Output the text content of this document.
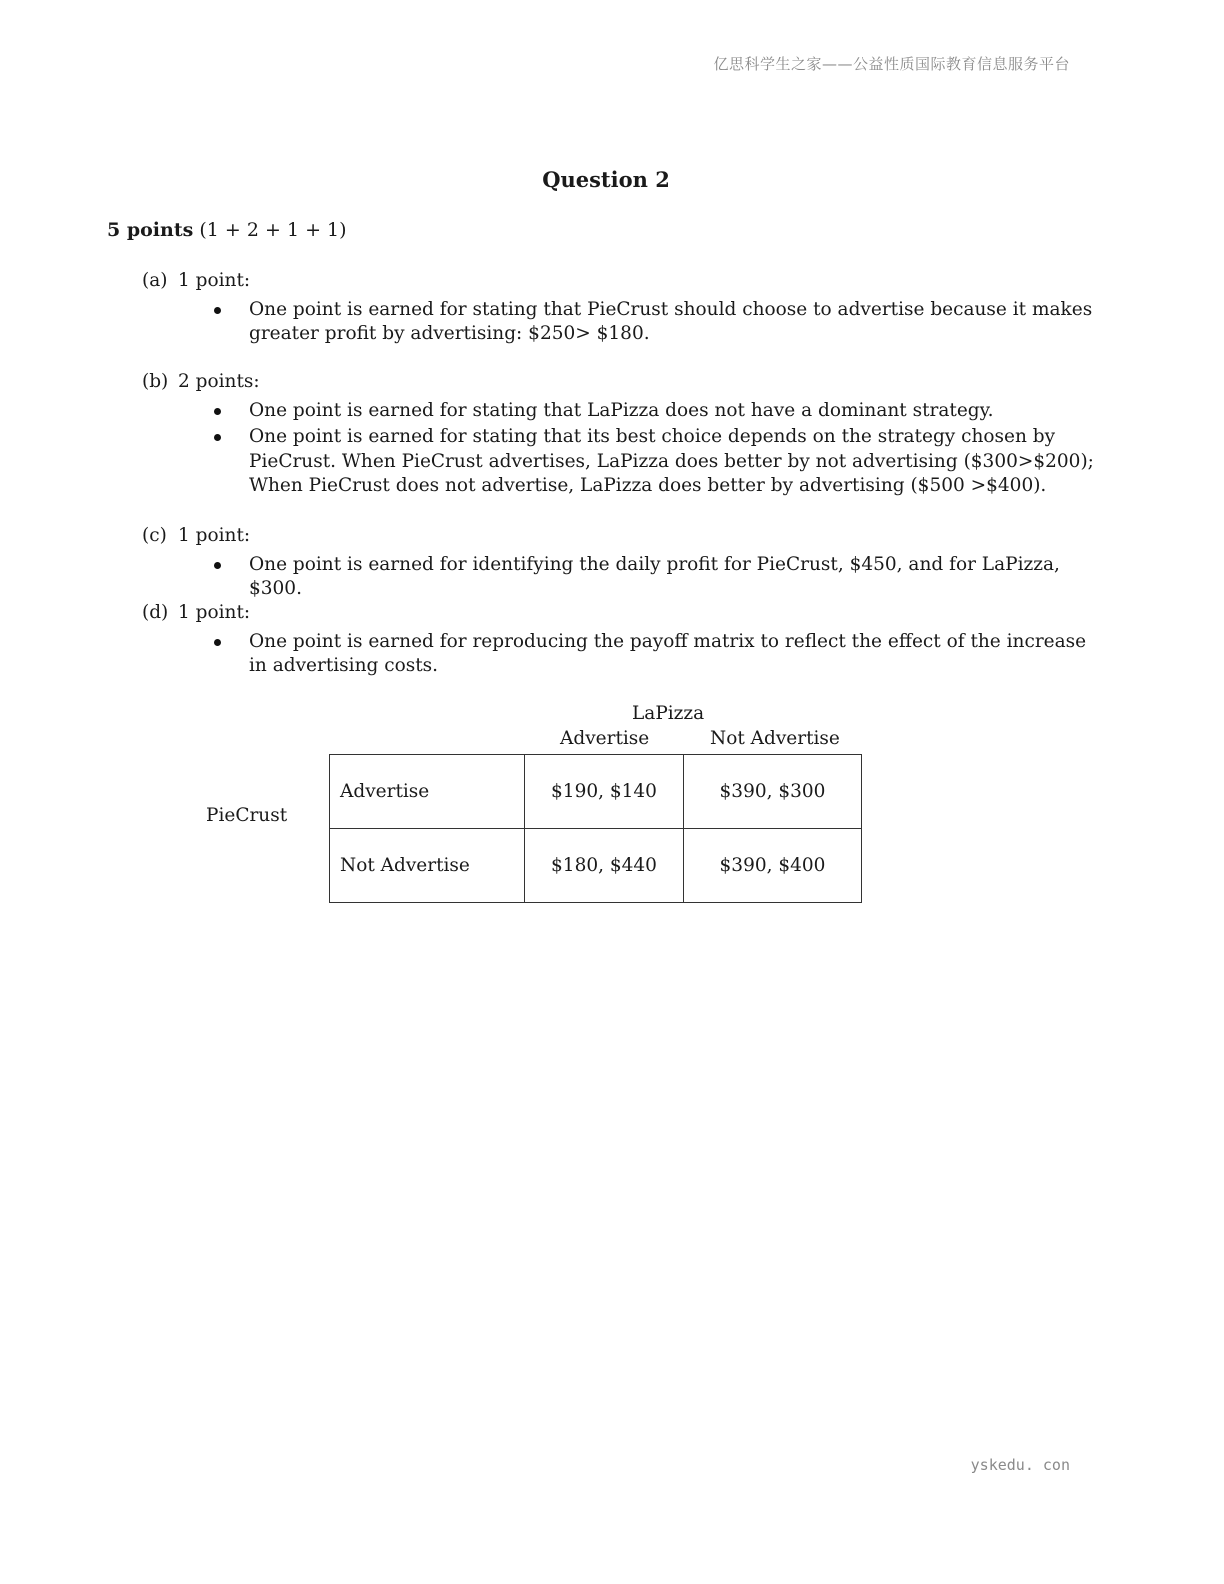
亿思科学生之家——公益性质国际教育信息服务平台
Question 2
5 points (1 + 2 + 1 + 1)
(a) 1 point:
One point is earned for stating that PieCrust should choose to advertise because it makes greater profit by advertising: $250> $180.
(b) 2 points:
One point is earned for stating that LaPizza does not have a dominant strategy.
One point is earned for stating that its best choice depends on the strategy chosen by PieCrust. When PieCrust advertises, LaPizza does better by not advertising ($300>$200); When PieCrust does not advertise, LaPizza does better by advertising ($500 >$400).
(c) 1 point:
One point is earned for identifying the daily profit for PieCrust, $450, and for LaPizza, $300.
(d) 1 point:
One point is earned for reproducing the payoff matrix to reflect the effect of the increase in advertising costs.
LaPizza
Advertise	Not Advertise
PieCrust
Advertise	$190, $140	$390, $300
Not Advertise	$180, $440	$390, $400
yskedu. con
